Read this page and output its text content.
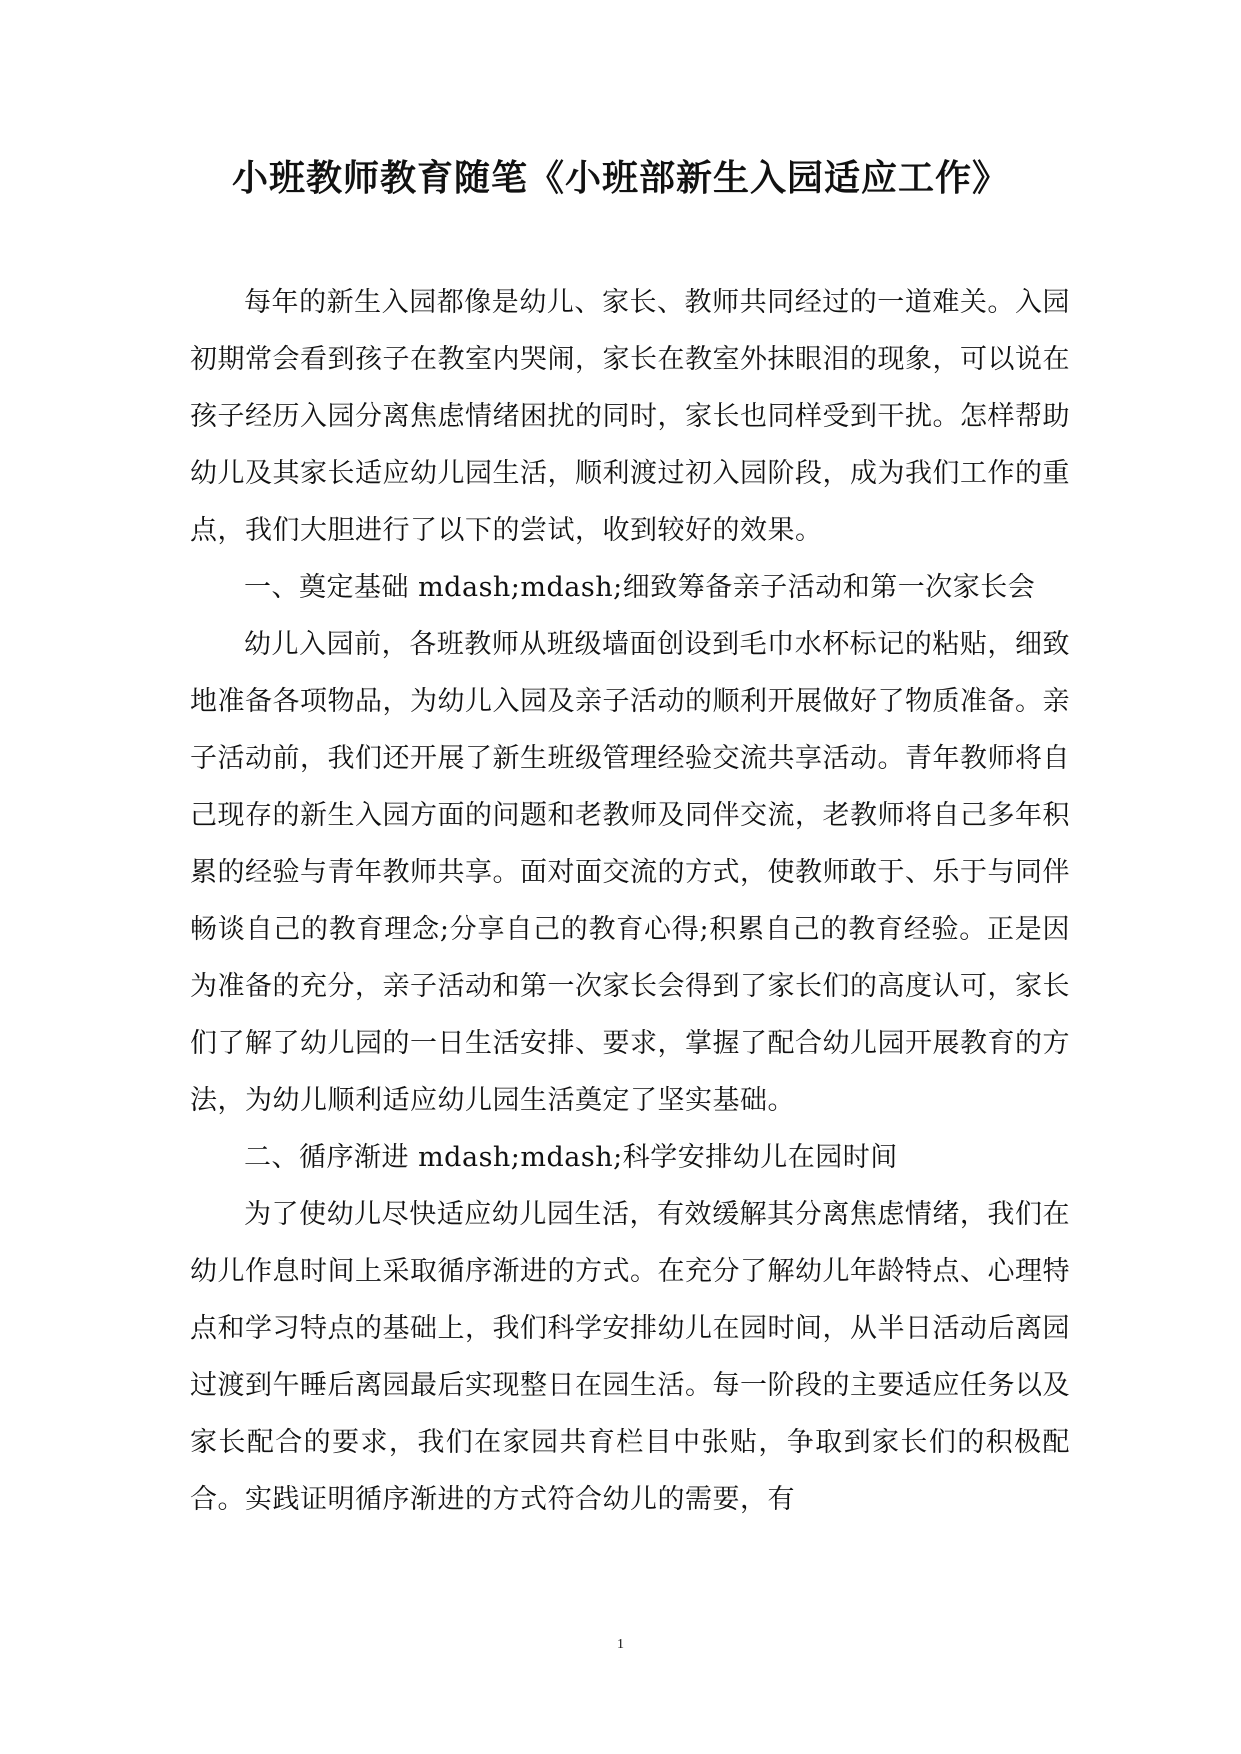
小班教师教育随笔《小班部新生入园适应工作》

每年的新生入园都像是幼儿、家长、教师共同经过的一道难关。入园初期常会看到孩子在教室内哭闹，家长在教室外抹眼泪的现象，可以说在孩子经历入园分离焦虑情绪困扰的同时，家长也同样受到干扰。怎样帮助幼儿及其家长适应幼儿园生活，顺利渡过初入园阶段，成为我们工作的重点，我们大胆进行了以下的尝试，收到较好的效果。

一、奠定基础 mdash;mdash;细致筹备亲子活动和第一次家长会

幼儿入园前，各班教师从班级墙面创设到毛巾水杯标记的粘贴，细致地准备各项物品，为幼儿入园及亲子活动的顺利开展做好了物质准备。亲子活动前，我们还开展了新生班级管理经验交流共享活动。青年教师将自己现存的新生入园方面的问题和老教师及同伴交流，老教师将自己多年积累的经验与青年教师共享。面对面交流的方式，使教师敢于、乐于与同伴畅谈自己的教育理念;分享自己的教育心得;积累自己的教育经验。正是因为准备的充分，亲子活动和第一次家长会得到了家长们的高度认可，家长们了解了幼儿园的一日生活安排、要求，掌握了配合幼儿园开展教育的方法，为幼儿顺利适应幼儿园生活奠定了坚实基础。

二、循序渐进 mdash;mdash;科学安排幼儿在园时间

为了使幼儿尽快适应幼儿园生活，有效缓解其分离焦虑情绪，我们在幼儿作息时间上采取循序渐进的方式。在充分了解幼儿年龄特点、心理特点和学习特点的基础上，我们科学安排幼儿在园时间，从半日活动后离园过渡到午睡后离园最后实现整日在园生活。每一阶段的主要适应任务以及家长配合的要求，我们在家园共育栏目中张贴，争取到家长们的积极配合。实践证明循序渐进的方式符合幼儿的需要，有

1
